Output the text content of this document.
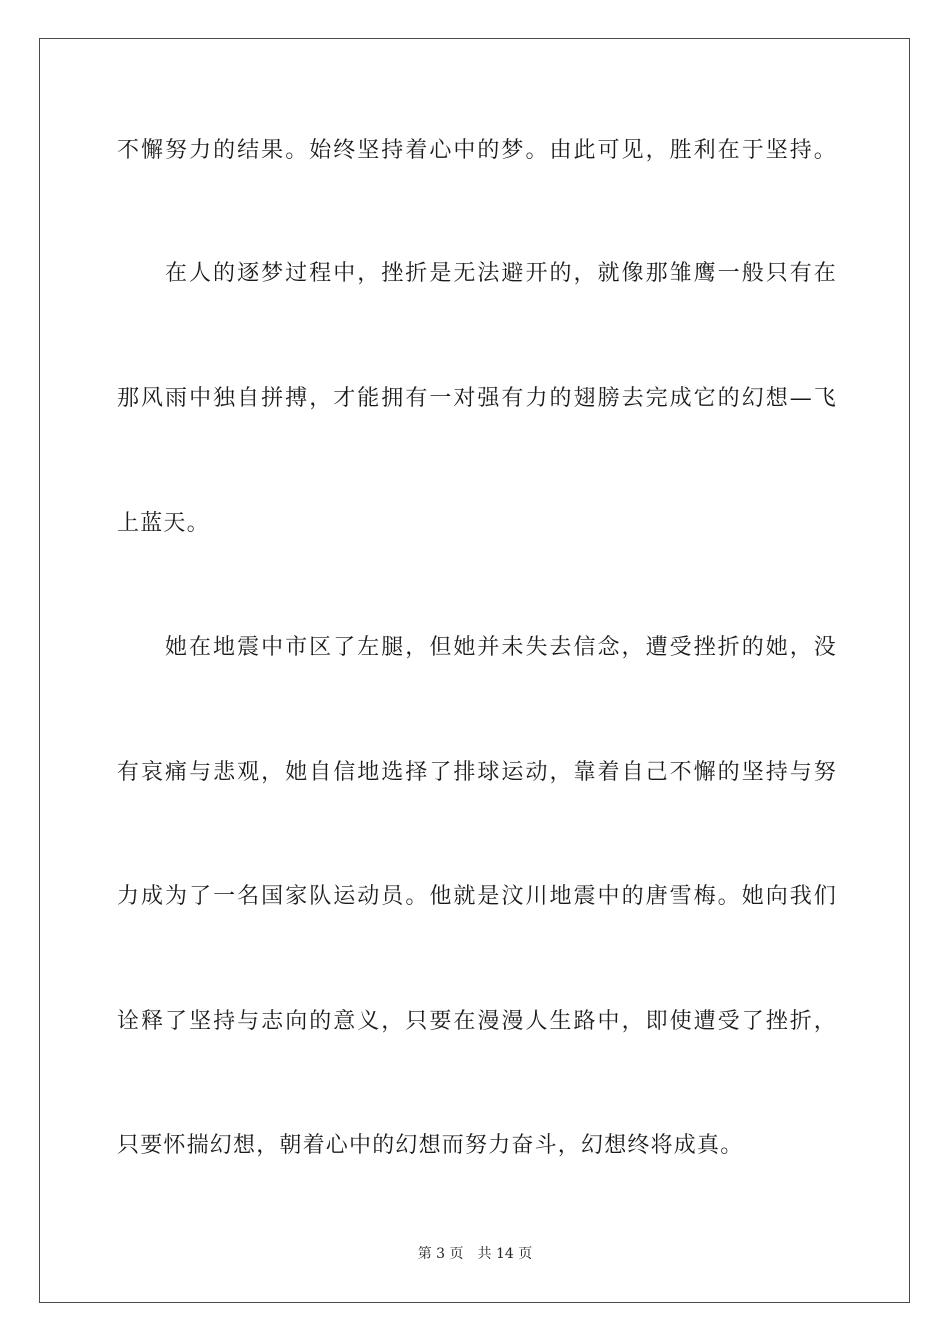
不懈努力的结果。始终坚持着心中的梦。由此可见，胜利在于坚持。
在人的逐梦过程中，挫折是无法避开的，就像那雏鹰一般只有在
那风雨中独自拼搏，才能拥有一对强有力的翅膀去完成它的幻想—飞
上蓝天。
她在地震中市区了左腿，但她并未失去信念，遭受挫折的她，没
有哀痛与悲观，她自信地选择了排球运动，靠着自己不懈的坚持与努
力成为了一名国家队运动员。他就是汶川地震中的唐雪梅。她向我们
诠释了坚持与志向的意义，只要在漫漫人生路中，即使遭受了挫折，
只要怀揣幻想，朝着心中的幻想而努力奋斗，幻想终将成真。
第 3 页 共 14 页
